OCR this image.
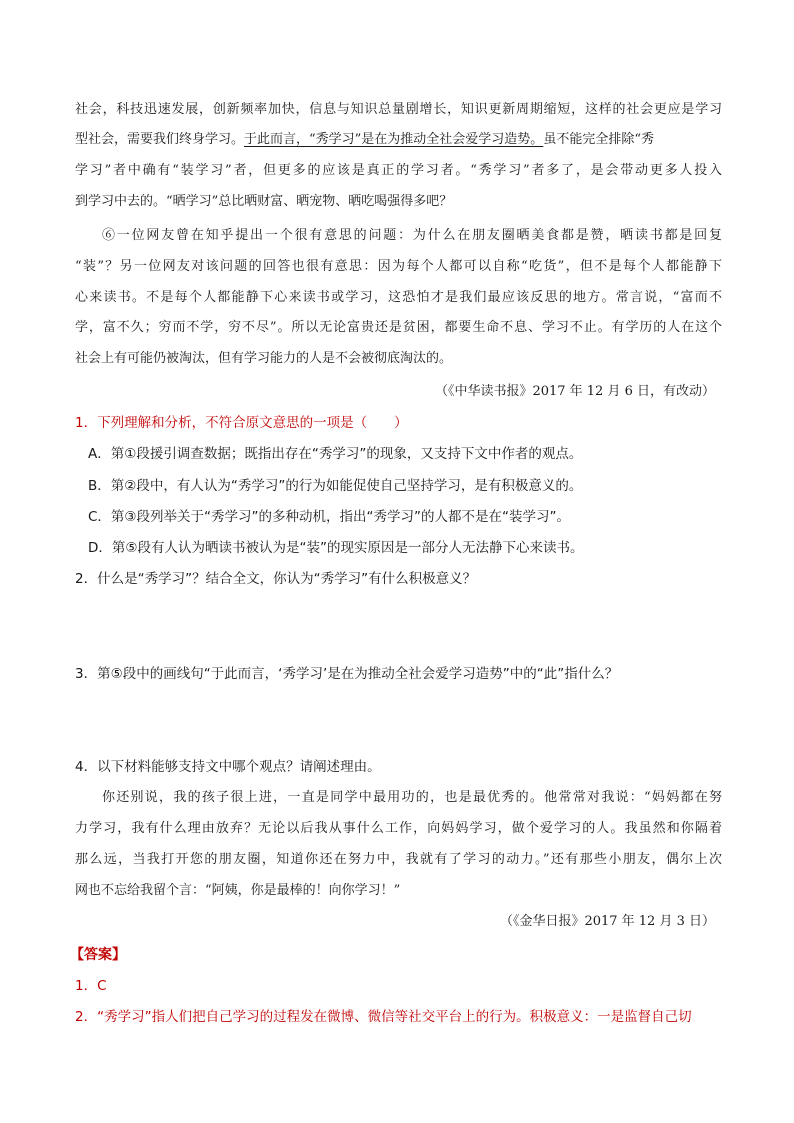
社会，科技迅速发展，创新频率加快，信息与知识总量剧增长，知识更新周期缩短，这样的社会更应是学习
型社会，需要我们终身学习。于此而言，“秀学习”是在为推动全社会爱学习造势。虽不能完全排除“秀
学习”者中确有“装学习”者，但更多的应该是真正的学习者。“秀学习”者多了，是会带动更多人投入
到学习中去的。“晒学习”总比晒财富、晒宠物、晒吃喝强得多吧？
⑥一位网友曾在知乎提出一个很有意思的问题：为什么在朋友圈晒美食都是赞，晒读书都是回复
“装”？另一位网友对该问题的回答也很有意思：因为每个人都可以自称“吃货”，但不是每个人都能静下
心来读书。不是每个人都能静下心来读书或学习，这恐怕才是我们最应该反思的地方。常言说，“富而不
学，富不久；穷而不学，穷不尽”。所以无论富贵还是贫困，都要生命不息、学习不止。有学历的人在这个
社会上有可能仍被淘汰，但有学习能力的人是不会被彻底淘汰的。
（《中华读书报》2017 年 12 月 6 日，有改动）
1．下列理解和分析，不符合原文意思的一项是（　　）
A．第①段援引调查数据；既指出存在“秀学习”的现象，又支持下文中作者的观点。
B．第②段中，有人认为“秀学习”的行为如能促使自己坚持学习，是有积极意义的。
C．第③段列举关于“秀学习”的多种动机，指出“秀学习”的人都不是在“装学习”。
D．第⑤段有人认为晒读书被认为是“装”的现实原因是一部分人无法静下心来读书。
2．什么是“秀学习”？结合全文，你认为“秀学习”有什么积极意义？
3．第⑤段中的画线句“于此而言，‘秀学习’是在为推动全社会爱学习造势”中的“此”指什么？
4．以下材料能够支持文中哪个观点？请阐述理由。
你还别说，我的孩子很上进，一直是同学中最用功的，也是最优秀的。他常常对我说：“妈妈都在努
力学习，我有什么理由放弃？无论以后我从事什么工作，向妈妈学习，做个爱学习的人。我虽然和你隔着
那么远，当我打开您的朋友圈，知道你还在努力中，我就有了学习的动力。”还有那些小朋友，偶尔上次
网也不忘给我留个言：“阿姨，你是最棒的！向你学习！”
（《金华日报》2017 年 12 月 3 日）
【答案】
1．C
2．“秀学习”指人们把自己学习的过程发在微博、微信等社交平台上的行为。积极意义：一是监督自己切
